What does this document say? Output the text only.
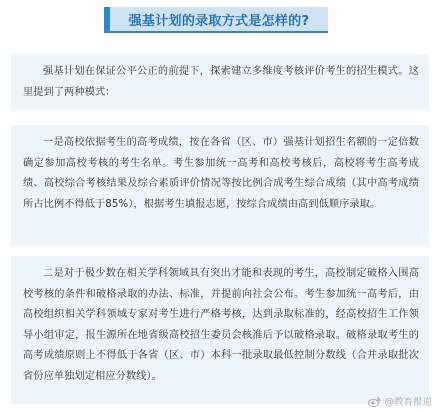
强基计划的录取方式是怎样的?

强基计划在保证公平公正的前提下，探索建立多维度考核评价考生的招生模式。这里提到了两种模式：

一是高校依据考生的高考成绩，按在各省（区、市）强基计划招生名额的一定倍数确定参加高校考核的考生名单。考生参加统一高考和高校考核后，高校将考生高考成绩、高校综合考核结果及综合素质评价情况等按比例合成考生综合成绩（其中高考成绩所占比例不得低于85%），根据考生填报志愿，按综合成绩由高到低顺序录取。

二是对于极少数在相关学科领域具有突出才能和表现的考生，高校制定破格入围高校考核的条件和破格录取的办法、标准，并提前向社会公布。考生参加统一高考后，由高校组织相关学科领域专家对考生进行严格考核，达到录取标准的，经高校招生工作领导小组审定，报生源所在地省级高校招生委员会核准后予以破格录取。破格录取考生的高考成绩原则上不得低于各省（区、市）本科一批录取最低控制分数线（合并录取批次省份应单独划定相应分数线）。

@教育报道
